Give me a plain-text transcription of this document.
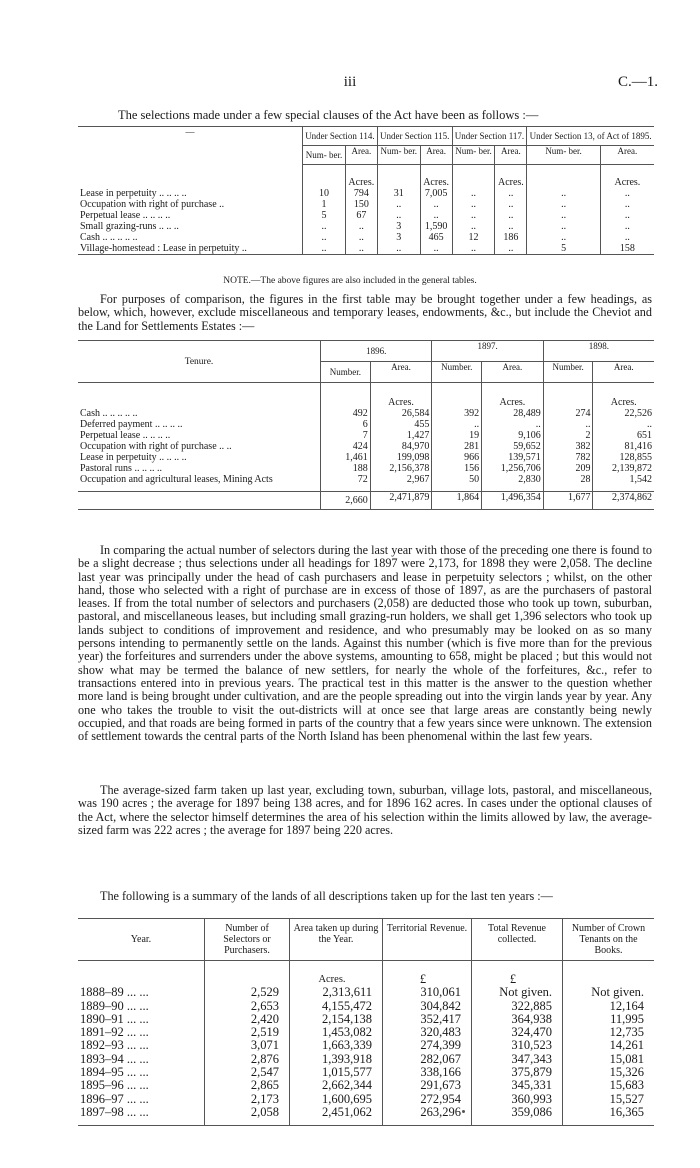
iii	C.—1.

The selections made under a few special clauses of the Act have been as follows :—

—	Under Section 114.		Under Section 115.		Under Section 117.		Under Section 13, of Act of 1895.	
	Num- ber.	Area.	Num- ber.	Area.	Num- ber.	Area.	Num- ber.	Area.
		Acres.		Acres.		Acres.		Acres.
Lease in perpetuity .. .. .. ..	10	794	31	7,005	..	..	..	..
Occupation with right of purchase ..	1	150	..	..	..	..	..	..
Perpetual lease .. .. .. ..	5	67	..	..	..	..	..	..
Small grazing-runs .. .. ..	..	..	3	1,590	..	..	..	..
Cash .. .. .. .. ..	..	..	3	465	12	186	..	..
Village-homestead : Lease in perpetuity ..	..	..	..	..	..	..	5	158
NOTE.—The above figures are also included in the general tables.

For purposes of comparison, the figures in the first table may be brought together under a few headings, as below, which, however, exclude miscellaneous and temporary leases, endowments, &c., but include the Cheviot and the Land for Settlements Estates :—

Tenure.	1896.		1897.		1898.	
	Number.	Area.	Number.	Area.	Number.	Area.
		Acres.		Acres.		Acres.
Cash .. .. .. .. ..	492	26,584	392	28,489	274	22,526
Deferred payment .. .. .. ..	6	455	..	..	..	..
Perpetual lease .. .. .. ..	7	1,427	19	9,106	2	651
Occupation with right of purchase .. ..	424	84,970	281	59,652	382	81,416
Lease in perpetuity .. .. .. ..	1,461	199,098	966	139,571	782	128,855
Pastoral runs .. .. .. ..	188	2,156,378	156	1,256,706	209	2,139,872
Occupation and agricultural leases, Mining Acts	72	2,967	50	2,830	28	1,542

	2,660	2,471,879	1,864	1,496,354	1,677	2,374,862

In comparing the actual number of selectors during the last year with those of the preceding one there is found to be a slight decrease ; thus selections under all headings for 1897 were 2,173, for 1898 they were 2,058. The decline last year was principally under the head of cash purchasers and lease in perpetuity selectors ; whilst, on the other hand, those who selected with a right of purchase are in excess of those of 1897, as are the purchasers of pastoral leases. If from the total number of selectors and purchasers (2,058) are deducted those who took up town, suburban, pastoral, and miscellaneous leases, but including small grazing-run holders, we shall get 1,396 selectors who took up lands subject to conditions of improvement and residence, and who presumably may be looked on as so many persons intending to permanently settle on the lands. Against this number (which is five more than for the previous year) the forfeitures and surrenders under the above systems, amounting to 658, might be placed ; but this would not show what may be termed the balance of new settlers, for nearly the whole of the forfeitures, &c., refer to transactions entered into in previous years. The practical test in this matter is the answer to the question whether more land is being brought under cultivation, and are the people spreading out into the virgin lands year by year. Any one who takes the trouble to visit the out-districts will at once see that large areas are constantly being newly occupied, and that roads are being formed in parts of the country that a few years since were unknown. The extension of settlement towards the central parts of the North Island has been phenomenal within the last few years.

The average-sized farm taken up last year, excluding town, suburban, village lots, pastoral, and miscellaneous, was 190 acres ; the average for 1897 being 138 acres, and for 1896 162 acres. In cases under the optional clauses of the Act, where the selector himself determines the area of his selection within the limits allowed by law, the average-sized farm was 222 acres ; the average for 1897 being 220 acres.

The following is a summary of the lands of all descriptions taken up for the last ten years :—

Year.	Number of Selectors or Purchasers.	Area taken up during the Year.	Territorial Revenue.	Total Revenue collected.	Number of Crown Tenants on the Books.
		Acres.	£	£	
1888–89 ... ...	2,529	2,313,611	310,061	Not given.	Not given.
1889–90 ... ...	2,653	4,155,472	304,842	322,885	12,164
1890–91 ... ...	2,420	2,154,138	352,417	364,938	11,995
1891–92 ... ...	2,519	1,453,082	320,483	324,470	12,735
1892–93 ... ...	3,071	1,663,339	274,399	310,523	14,261
1893–94 ... ...	2,876	1,393,918	282,067	347,343	15,081
1894–95 ... ...	2,547	1,015,577	338,166	375,879	15,326
1895–96 ... ...	2,865	2,662,344	291,673	345,331	15,683
1896–97 ... ...	2,173	1,600,695	272,954	360,993	15,527
1897–98 ... ...	2,058	2,451,062	263,296	359,086	16,365
